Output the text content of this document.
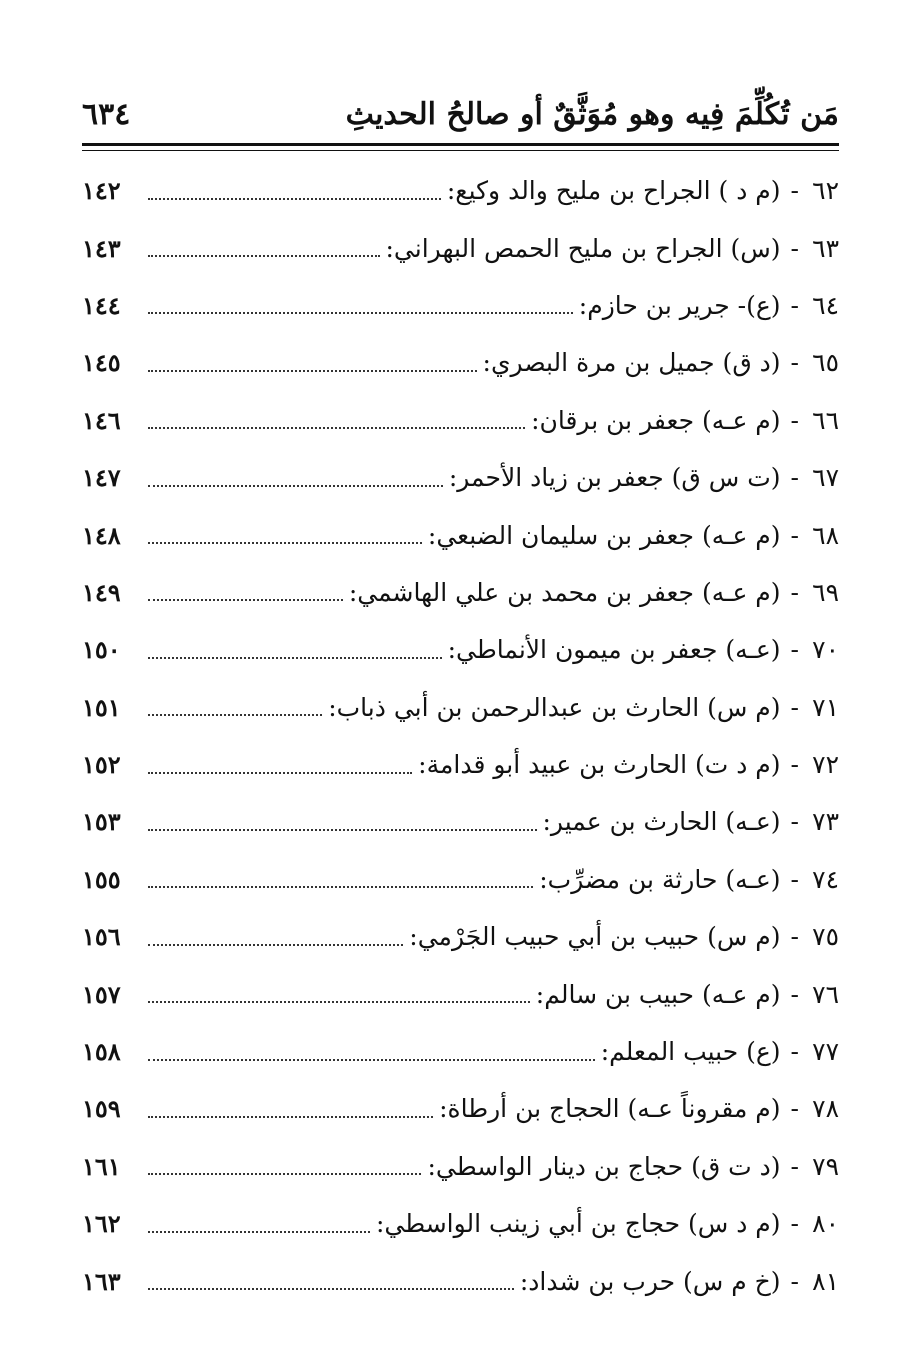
مَن تُكُلِّمَ فِيه وهو مُوَثَّقٌ أو صالحُ الحديثِ
٦٣٤
٦٢-(م د ) الجراح بن مليح والد وكيع:
١٤٢
٦٣-(س) الجراح بن مليح الحمص البهراني:
١٤٣
٦٤-(ع)- جرير بن حازم:
١٤٤
٦٥-(د ق) جميل بن مرة البصري:
١٤٥
٦٦-(م عـه) جعفر بن برقان:
١٤٦
٦٧-(ت س ق) جعفر بن زياد الأحمر:
١٤٧
٦٨-(م عـه) جعفر بن سليمان الضبعي:
١٤٨
٦٩-(م عـه) جعفر بن محمد بن علي الهاشمي:
١٤٩
٧٠-(عـه) جعفر بن ميمون الأنماطي:
١٥٠
٧١-(م س) الحارث بن عبدالرحمن بن أبي ذباب:
١٥١
٧٢-(م د ت) الحارث بن عبيد أبو قدامة:
١٥٢
٧٣-(عـه) الحارث بن عمير:
١٥٣
٧٤-(عـه) حارثة بن مضرِّب:
١٥٥
٧٥-(م س) حبيب بن أبي حبيب الجَرْمي:
١٥٦
٧٦-(م عـه) حبيب بن سالم:
١٥٧
٧٧-(ع) حبيب المعلم:
١٥٨
٧٨-(م مقروناً عـه) الحجاج بن أرطاة:
١٥٩
٧٩-(د ت ق) حجاج بن دينار الواسطي:
١٦١
٨٠-(م د س) حجاج بن أبي زينب الواسطي:
١٦٢
٨١-(خ م س) حرب بن شداد:
١٦٣
